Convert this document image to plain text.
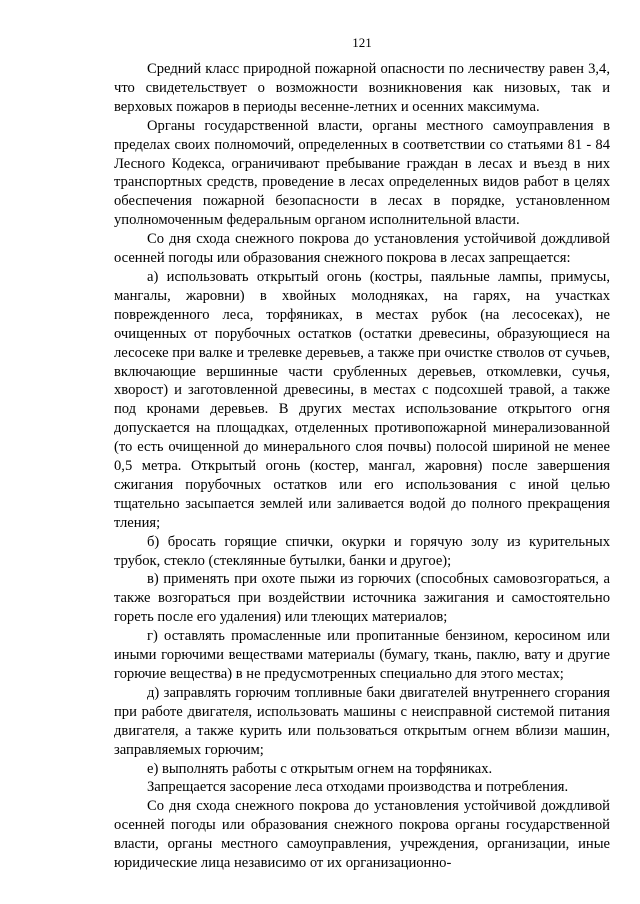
121

Средний класс природной пожарной опасности по лесничеству равен 3,4, что свидетельствует о возможности возникновения как низовых, так и верховых пожаров в периоды весенне-летних и осенних максимума.

Органы государственной власти, органы местного самоуправления в пределах своих полномочий, определенных в соответствии со статьями 81 - 84 Лесного Кодекса, ограничивают пребывание граждан в лесах и въезд в них транспортных средств, проведение в лесах определенных видов работ в целях обеспечения пожарной безопасности в лесах в порядке, установленном уполномоченным федеральным органом исполнительной власти.

Со дня схода снежного покрова до установления устойчивой дождливой осенней погоды или образования снежного покрова в лесах запрещается:

а) использовать открытый огонь (костры, паяльные лампы, примусы, мангалы, жаровни) в хвойных молодняках, на гарях, на участках поврежденного леса, торфяниках, в местах рубок (на лесосеках), не очищенных от порубочных остатков (остатки древесины, образующиеся на лесосеке при валке и трелевке деревьев, а также при очистке стволов от сучьев, включающие вершинные части срубленных деревьев, откомлевки, сучья, хворост) и заготовленной древесины, в местах с подсохшей травой, а также под кронами деревьев. В других местах использование открытого огня допускается на площадках, отделенных противопожарной минерализованной (то есть очищенной до минерального слоя почвы) полосой шириной не менее 0,5 метра. Открытый огонь (костер, мангал, жаровня) после завершения сжигания порубочных остатков или его использования с иной целью тщательно засыпается землей или заливается водой до полного прекращения тления;

б) бросать горящие спички, окурки и горячую золу из курительных трубок, стекло (стеклянные бутылки, банки и другое);

в) применять при охоте пыжи из горючих (способных самовозгораться, а также возгораться при воздействии источника зажигания и самостоятельно гореть после его удаления) или тлеющих материалов;

г) оставлять промасленные или пропитанные бензином, керосином или иными горючими веществами материалы (бумагу, ткань, паклю, вату и другие горючие вещества) в не предусмотренных специально для этого местах;

д) заправлять горючим топливные баки двигателей внутреннего сгорания при работе двигателя, использовать машины с неисправной системой питания двигателя, а также курить или пользоваться открытым огнем вблизи машин, заправляемых горючим;

е) выполнять работы с открытым огнем на торфяниках.

Запрещается засорение леса отходами производства и потребления.

Со дня схода снежного покрова до установления устойчивой дождливой осенней погоды или образования снежного покрова органы государственной власти, органы местного самоуправления, учреждения, организации, иные юридические лица независимо от их организационно-
